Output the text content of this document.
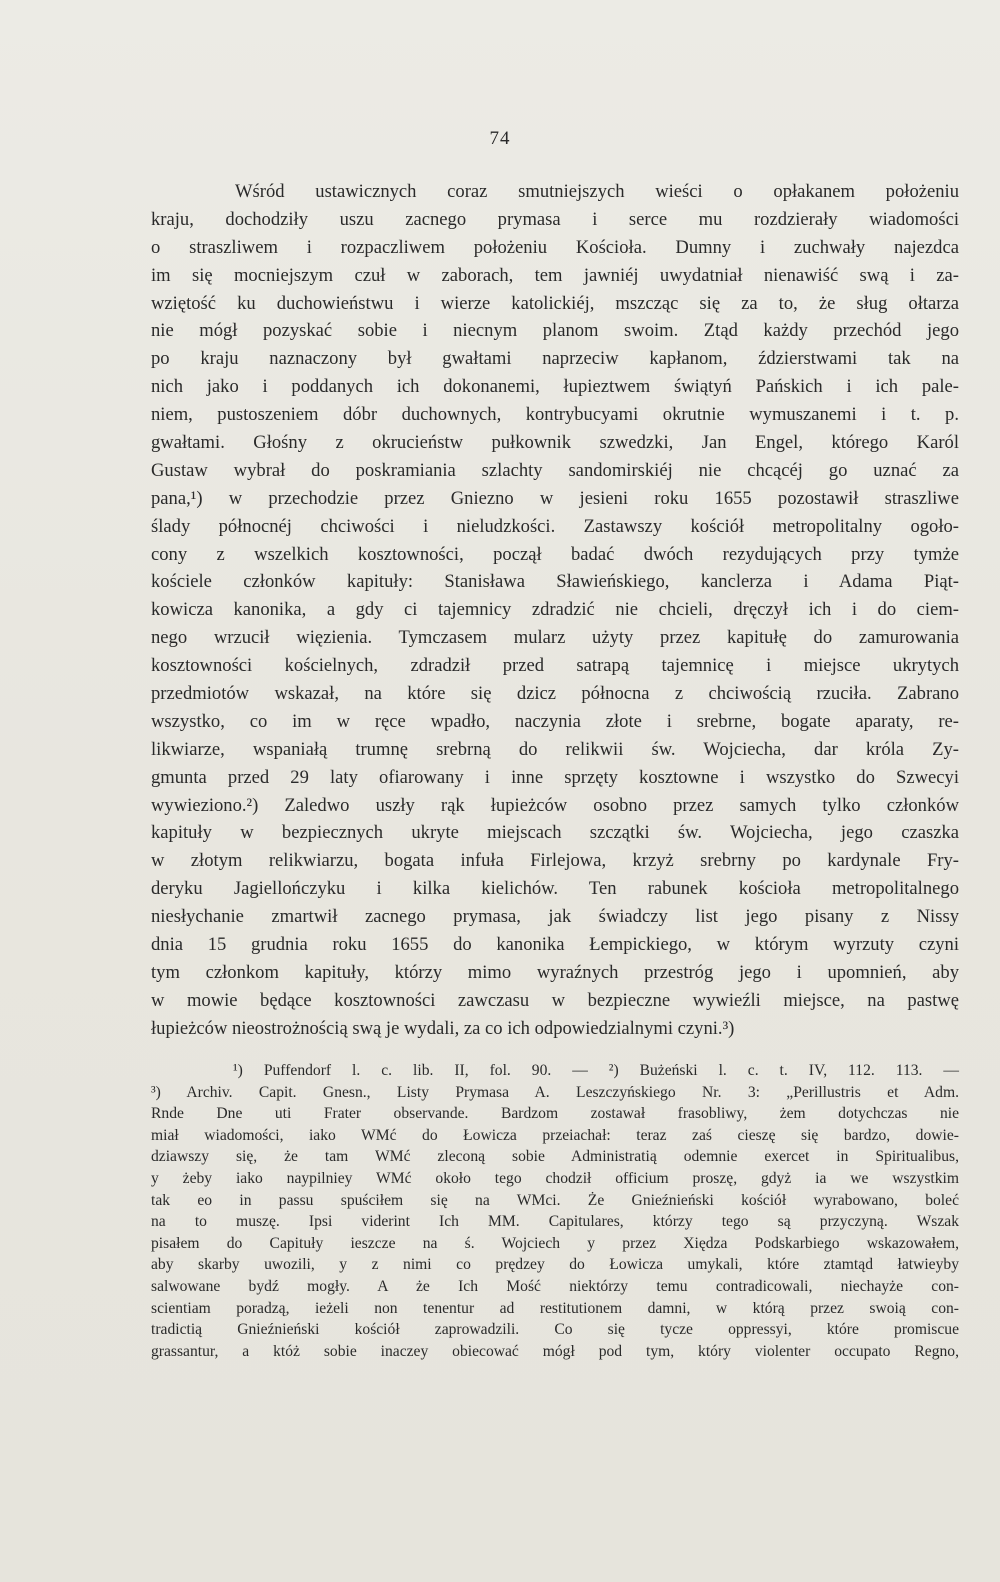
74
Wśród ustawicznych coraz smutniejszych wieści o opłakanem położeniu
kraju, dochodziły uszu zacnego prymasa i serce mu rozdzierały wiadomości
o straszliwem i rozpaczliwem położeniu Kościoła. Dumny i zuchwały najezdca
im się mocniejszym czuł w zaborach, tem jawniéj uwydatniał nienawiść swą i za-
wziętość ku duchowieństwu i wierze katolickiéj, mszcząc się za to, że sług ołtarza
nie mógł pozyskać sobie i niecnym planom swoim. Ztąd każdy przechód jego
po kraju naznaczony był gwałtami naprzeciw kapłanom, ździerstwami tak na
nich jako i poddanych ich dokonanemi, łupieztwem świątyń Pańskich i ich pale-
niem, pustoszeniem dóbr duchownych, kontrybucyami okrutnie wymuszanemi i t. p.
gwałtami. Głośny z okrucieństw pułkownik szwedzki, Jan Engel, którego Karól
Gustaw wybrał do poskramiania szlachty sandomirskiéj nie chcącéj go uznać za
pana,¹) w przechodzie przez Gniezno w jesieni roku 1655 pozostawił straszliwe
ślady północnéj chciwości i nieludzkości. Zastawszy kościół metropolitalny ogoło-
cony z wszelkich kosztowności, począł badać dwóch rezydujących przy tymże
kościele członków kapituły: Stanisława Sławieńskiego, kanclerza i Adama Piąt-
kowicza kanonika, a gdy ci tajemnicy zdradzić nie chcieli, dręczył ich i do ciem-
nego wrzucił więzienia. Tymczasem mularz użyty przez kapitułę do zamurowania
kosztowności kościelnych, zdradził przed satrapą tajemnicę i miejsce ukrytych
przedmiotów wskazał, na które się dzicz północna z chciwością rzuciła. Zabrano
wszystko, co im w ręce wpadło, naczynia złote i srebrne, bogate aparaty, re-
likwiarze, wspaniałą trumnę srebrną do relikwii św. Wojciecha, dar króla Zy-
gmunta przed 29 laty ofiarowany i inne sprzęty kosztowne i wszystko do Szwecyi
wywieziono.²) Zaledwo uszły rąk łupieżców osobno przez samych tylko członków
kapituły w bezpiecznych ukryte miejscach szczątki św. Wojciecha, jego czaszka
w złotym relikwiarzu, bogata infuła Firlejowa, krzyż srebrny po kardynale Fry-
deryku Jagiellończyku i kilka kielichów. Ten rabunek kościoła metropolitalnego
niesłychanie zmartwił zacnego prymasa, jak świadczy list jego pisany z Nissy
dnia 15 grudnia roku 1655 do kanonika Łempickiego, w którym wyrzuty czyni
tym członkom kapituły, którzy mimo wyraźnych przestróg jego i upomnień, aby
w mowie będące kosztowności zawczasu w bezpieczne wywieźli miejsce, na pastwę
łupieżców nieostrożnością swą je wydali, za co ich odpowiedzialnymi czyni.³)
¹) Puffendorf l. c. lib. II, fol. 90. — ²) Bużeński l. c. t. IV, 112. 113. —
³) Archiv. Capit. Gnesn., Listy Prymasa A. Leszczyńskiego Nr. 3: „Perillustris et Adm.
Rnde Dne uti Frater observande. Bardzom zostawał frasobliwy, żem dotychczas nie
miał wiadomości, iako WMć do Łowicza przeiachał: teraz zaś cieszę się bardzo, dowie-
dziawszy się, że tam WMć zleconą sobie Administratią odemnie exercet in Spiritualibus,
y żeby iako naypilniey WMć około tego chodził officium proszę, gdyż ia we wszystkim
tak eo in passu spuściłem się na WMci. Że Gnieźnieński kościół wyrabowano, boleć
na to muszę. Ipsi viderint Ich MM. Capitulares, którzy tego są przyczyną. Wszak
pisałem do Capituły ieszcze na ś. Wojciech y przez Xiędza Podskarbiego wskazowałem,
aby skarby uwozili, y z nimi co prędzey do Łowicza umykali, które ztamtąd łatwieyby
salwowane bydź mogły. A że Ich Mość niektórzy temu contradicowali, niechayże con-
scientiam poradzą, ieżeli non tenentur ad restitutionem damni, w którą przez swoią con-
tradictią Gnieźnieński kościół zaprowadzili. Co się tycze oppressyi, które promiscue
grassantur, a któż sobie inaczey obiecować mógł pod tym, który violenter occupato Regno,
